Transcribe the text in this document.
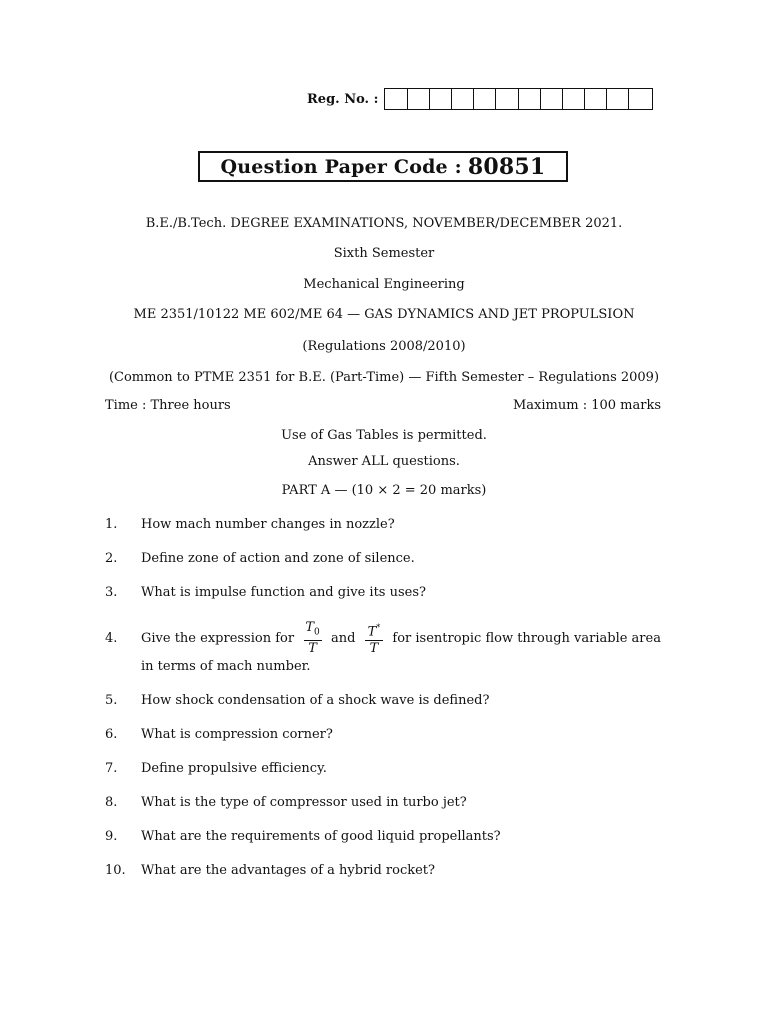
Reg. No. :
Question Paper Code : 80851
B.E./B.Tech. DEGREE EXAMINATIONS, NOVEMBER/DECEMBER 2021.
Sixth Semester
Mechanical Engineering
ME 2351/10122 ME 602/ME 64 — GAS DYNAMICS AND JET PROPULSION
(Regulations 2008/2010)
(Common to PTME 2351 for B.E. (Part-Time) — Fifth Semester – Regulations 2009)
Time : Three hours	Maximum : 100 marks
Use of Gas Tables is permitted.
Answer ALL questions.
PART A — (10 × 2 = 20 marks)
1.	How mach number changes in nozzle?
2.	Define zone of action and zone of silence.
3.	What is impulse function and give its uses?
4.	Give the expression for $\frac{T_0}{T}$ and $\frac{T^*}{T}$ for isentropic flow through variable area
in terms of mach number.
5.	How shock condensation of a shock wave is defined?
6.	What is compression corner?
7.	Define propulsive efficiency.
8.	What is the type of compressor used in turbo jet?
9.	What are the requirements of good liquid propellants?
10.	What are the advantages of a hybrid rocket?
